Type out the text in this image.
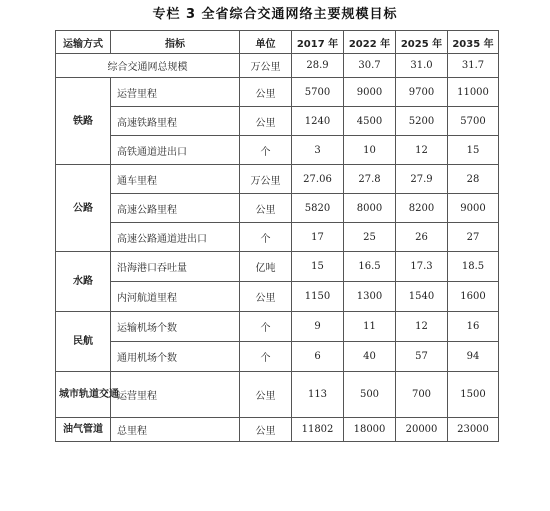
专栏 3 全省综合交通网络主要规模目标
运输方式	指标	单位	2017 年	2022 年	2025 年	2035 年
综合交通网总规模		万公里	28.9	30.7	31.0	31.7
铁路	运营里程	公里	5700	9000	9700	11000
	高速铁路里程	公里	1240	4500	5200	5700
	高铁通道进出口	个	3	10	12	15
公路	通车里程	万公里	27.06	27.8	27.9	28
	高速公路里程	公里	5820	8000	8200	9000
	高速公路通道进出口	个	17	25	26	27
水路	沿海港口吞吐量	亿吨	15	16.5	17.3	18.5
	内河航道里程	公里	1150	1300	1540	1600
民航	运输机场个数	个	9	11	12	16
	通用机场个数	个	6	40	57	94
城市轨道交通	运营里程	公里	113	500	700	1500
油气管道	总里程	公里	11802	18000	20000	23000
